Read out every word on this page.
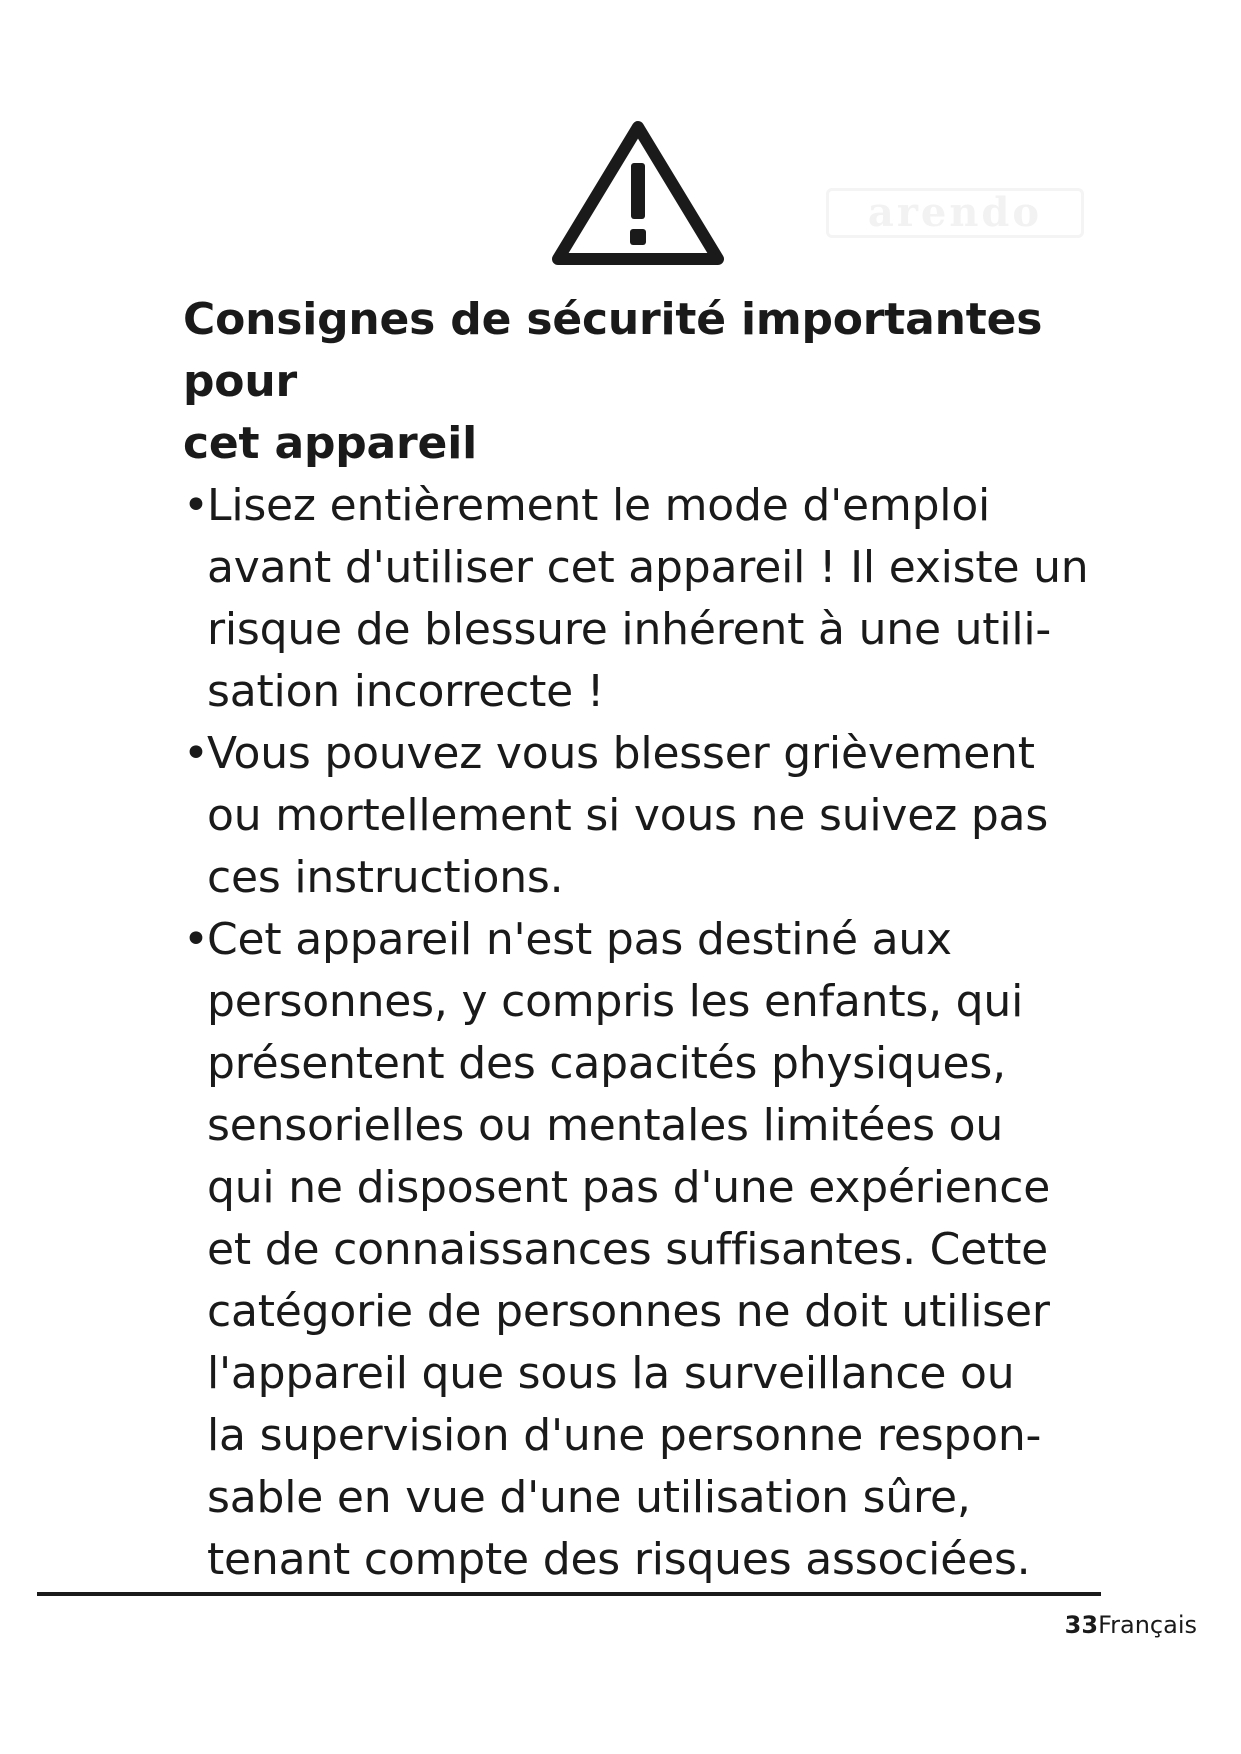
arendo
Consignes de sécurité importantes pour
cet appareil
•
Lisez entièrement le mode d'emploi
avant d'utiliser cet appareil ! Il existe un
risque de blessure inhérent à une utili-
sation incorrecte !
•
Vous pouvez vous blesser grièvement
ou mortellement si vous ne suivez pas
ces instructions.
•
Cet appareil n'est pas destiné aux
personnes, y compris les enfants, qui
présentent des capacités physiques,
sensorielles ou mentales limitées ou
qui ne disposent pas d'une expérience
et de connaissances suffisantes. Cette
catégorie de personnes ne doit utiliser
l'appareil que sous la surveillance ou
la supervision d'une personne respon-
sable en vue d'une utilisation sûre,
tenant compte des risques associées.
33Français
